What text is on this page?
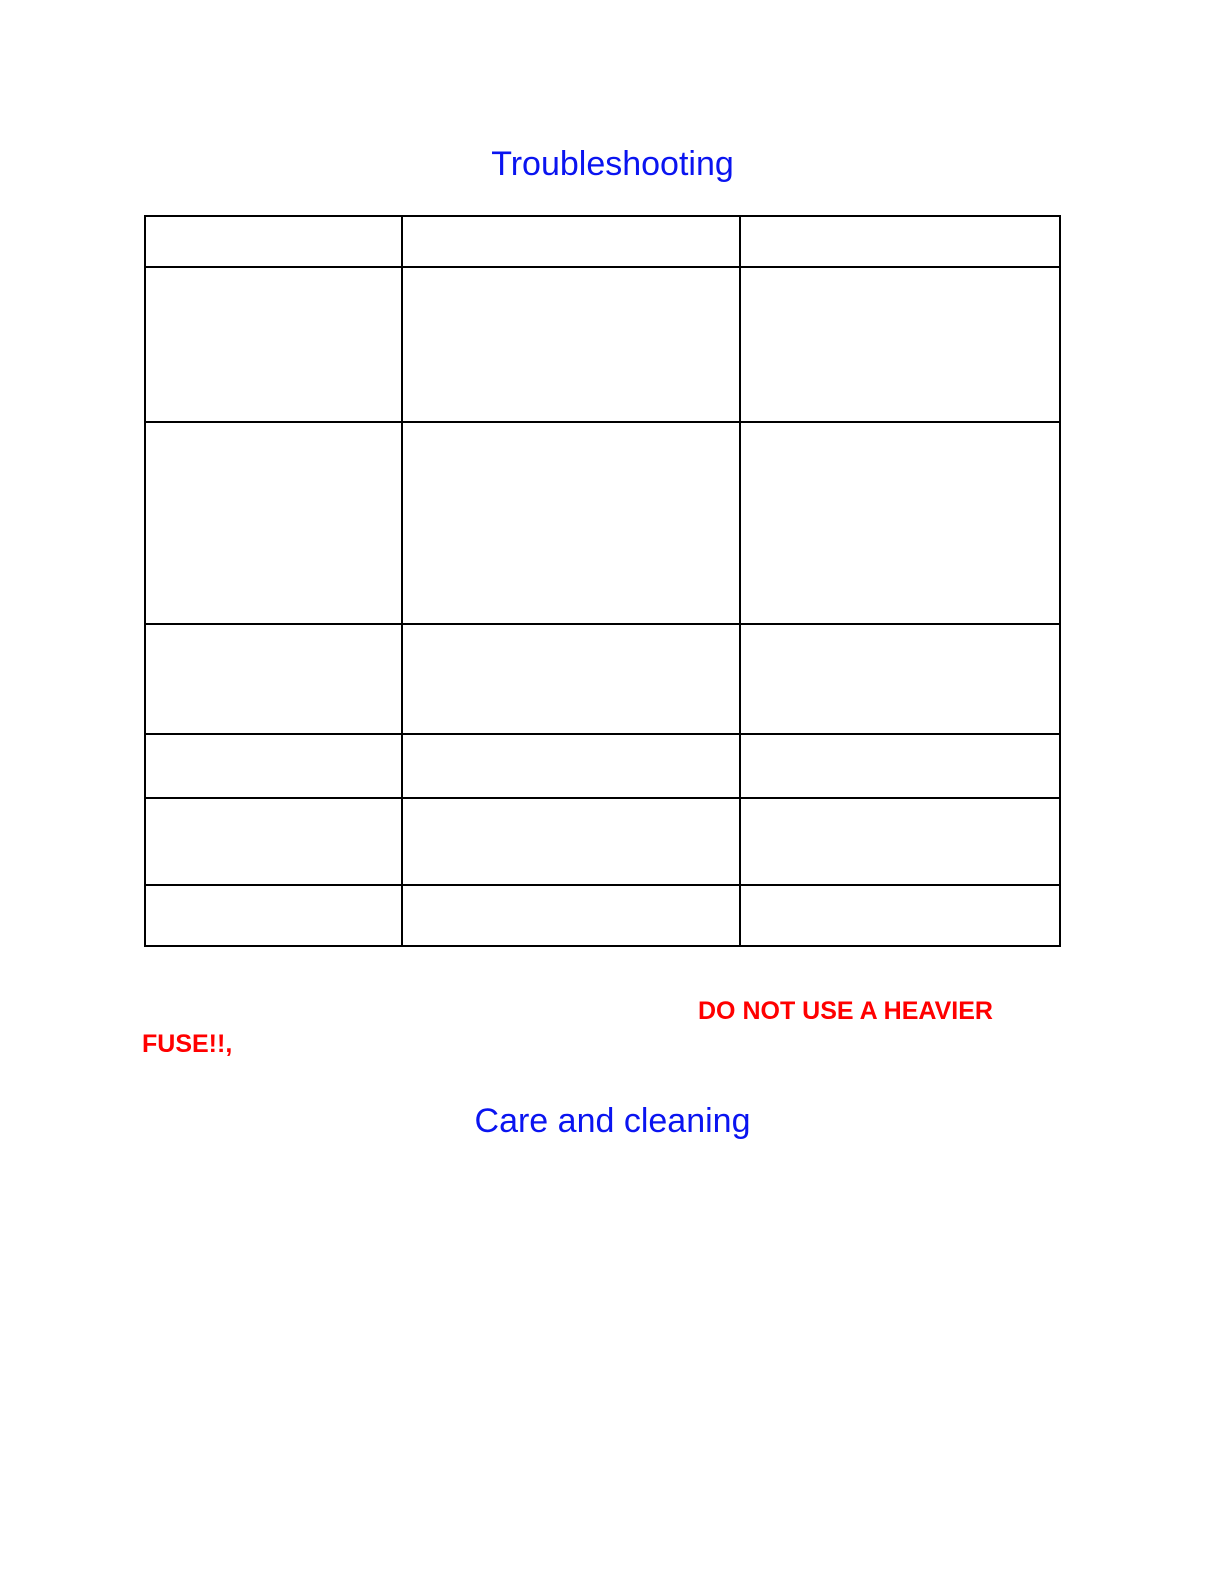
Troubleshooting

DO NOT USE A HEAVIER

FUSE!!,

Care and cleaning
